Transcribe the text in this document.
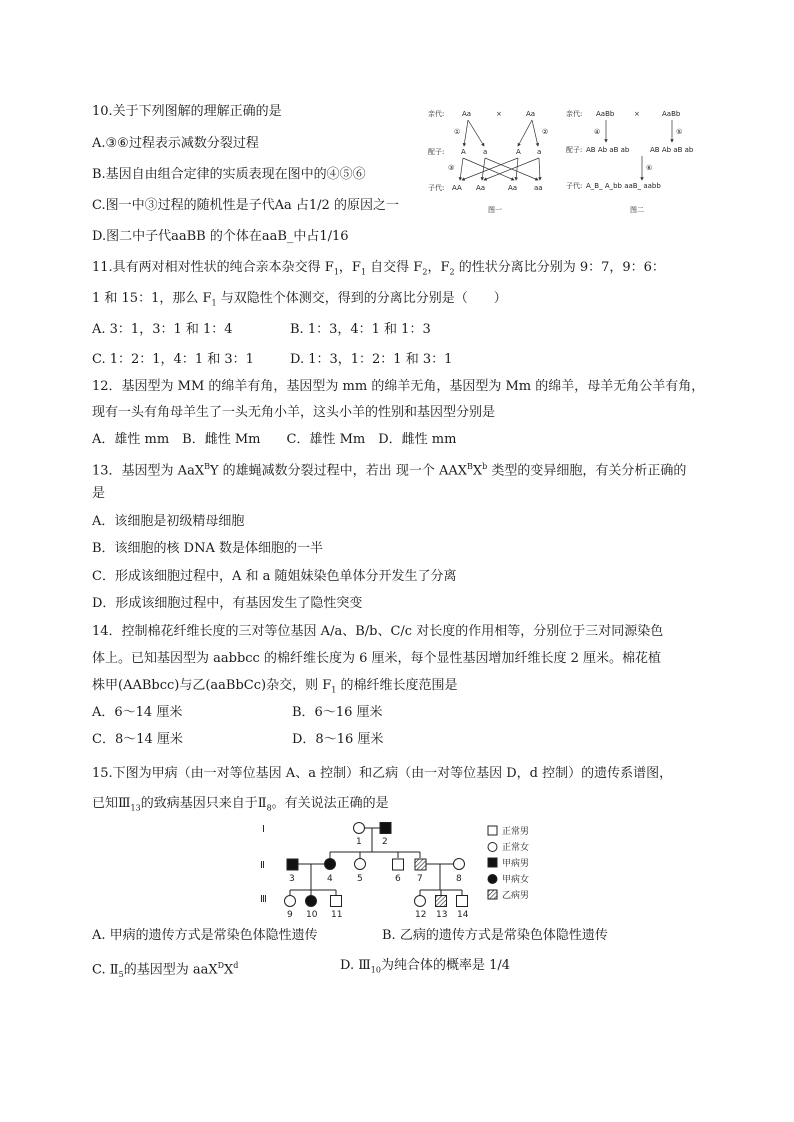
10.关于下列图解的理解正确的是
A.③⑥过程表示减数分裂过程
B.基因自由组合定律的实质表现在图中的④⑤⑥
C.图一中③过程的随机性是子代Aa 占1/2 的原因之一
D.图二中子代aaBB 的个体在aaB_中占1/16
亲代:	Aa	×	Aa
①	②
配子: A a	A a
③
子代: AA Aa	Aa aa
图一
亲代: AaBb	×	AaBb
④	⑤
配子: AB Ab aB ab	AB Ab aB ab
⑥
子代: A_B_ A_bb aaB_ aabb
图二
11.具有两对相对性状的纯合亲本杂交得 $F_1$，$F_1$ 自交得 $F_2$，$F_2$ 的性状分离比分别为 9：7，9：6：
1 和 15：1，那么 $F_1$ 与双隐性个体测交，得到的分离比分别是（　　）
A. 3：1，3：1 和 1：4	B. 1：3，4：1 和 1：3
C. 1：2：1，4：1 和 3：1	D. 1：3，1：2：1 和 3：1
12．基因型为 MM 的绵羊有角，基因型为 mm 的绵羊无角，基因型为 Mm 的绵羊，母羊无角公羊有角，
现有一头有角母羊生了一头无角小羊，这头小羊的性别和基因型分别是
A．雄性 mm　B．雌性 Mm　　C．雄性 Mm　D．雌性 mm
13．基因型为 AaX$^B$Y 的雄蝇减数分裂过程中，若出 现一个 $AAX^BX^b$ 类型的变异细胞，有关分析正确的
是
A．该细胞是初级精母细胞
B．该细胞的核 DNA 数是体细胞的一半
C．形成该细胞过程中，A 和 a 随姐妹染色单体分开发生了分离
D．形成该细胞过程中，有基因发生了隐性突变
14．控制棉花纤维长度的三对等位基因 A/a、B/b、C/c 对长度的作用相等，分别位于三对同源染色
体上。已知基因型为 aabbcc 的棉纤维长度为 6 厘米，每个显性基因增加纤维长度 2 厘米。棉花植
株甲(AABbcc)与乙(aaBbCc)杂交，则 $F_1$ 的棉纤维长度范围是
A．6～14 厘米	B．6～16 厘米
C．8～14 厘米	D．8～16 厘米
15.下图为甲病（由一对等位基因 A、a 控制）和乙病（由一对等位基因 D，d 控制）的遗传系谱图，
已知$Ⅲ_{13}$的致病基因只来自于$Ⅱ_8$。有关说法正确的是
Ⅰ
Ⅱ
Ⅲ
1 2
3	4	5	6 7	8
9 10 11	12 13 14
正常男
正常女
甲病男
甲病女
乙病男
A. 甲病的遗传方式是常染色体隐性遗传	B. 乙病的遗传方式是常染色体隐性遗传
C. $Ⅱ_5$的基因型为 $aaX^DX^d$	D. $Ⅲ_{10}$为纯合体的概率是 1/4
